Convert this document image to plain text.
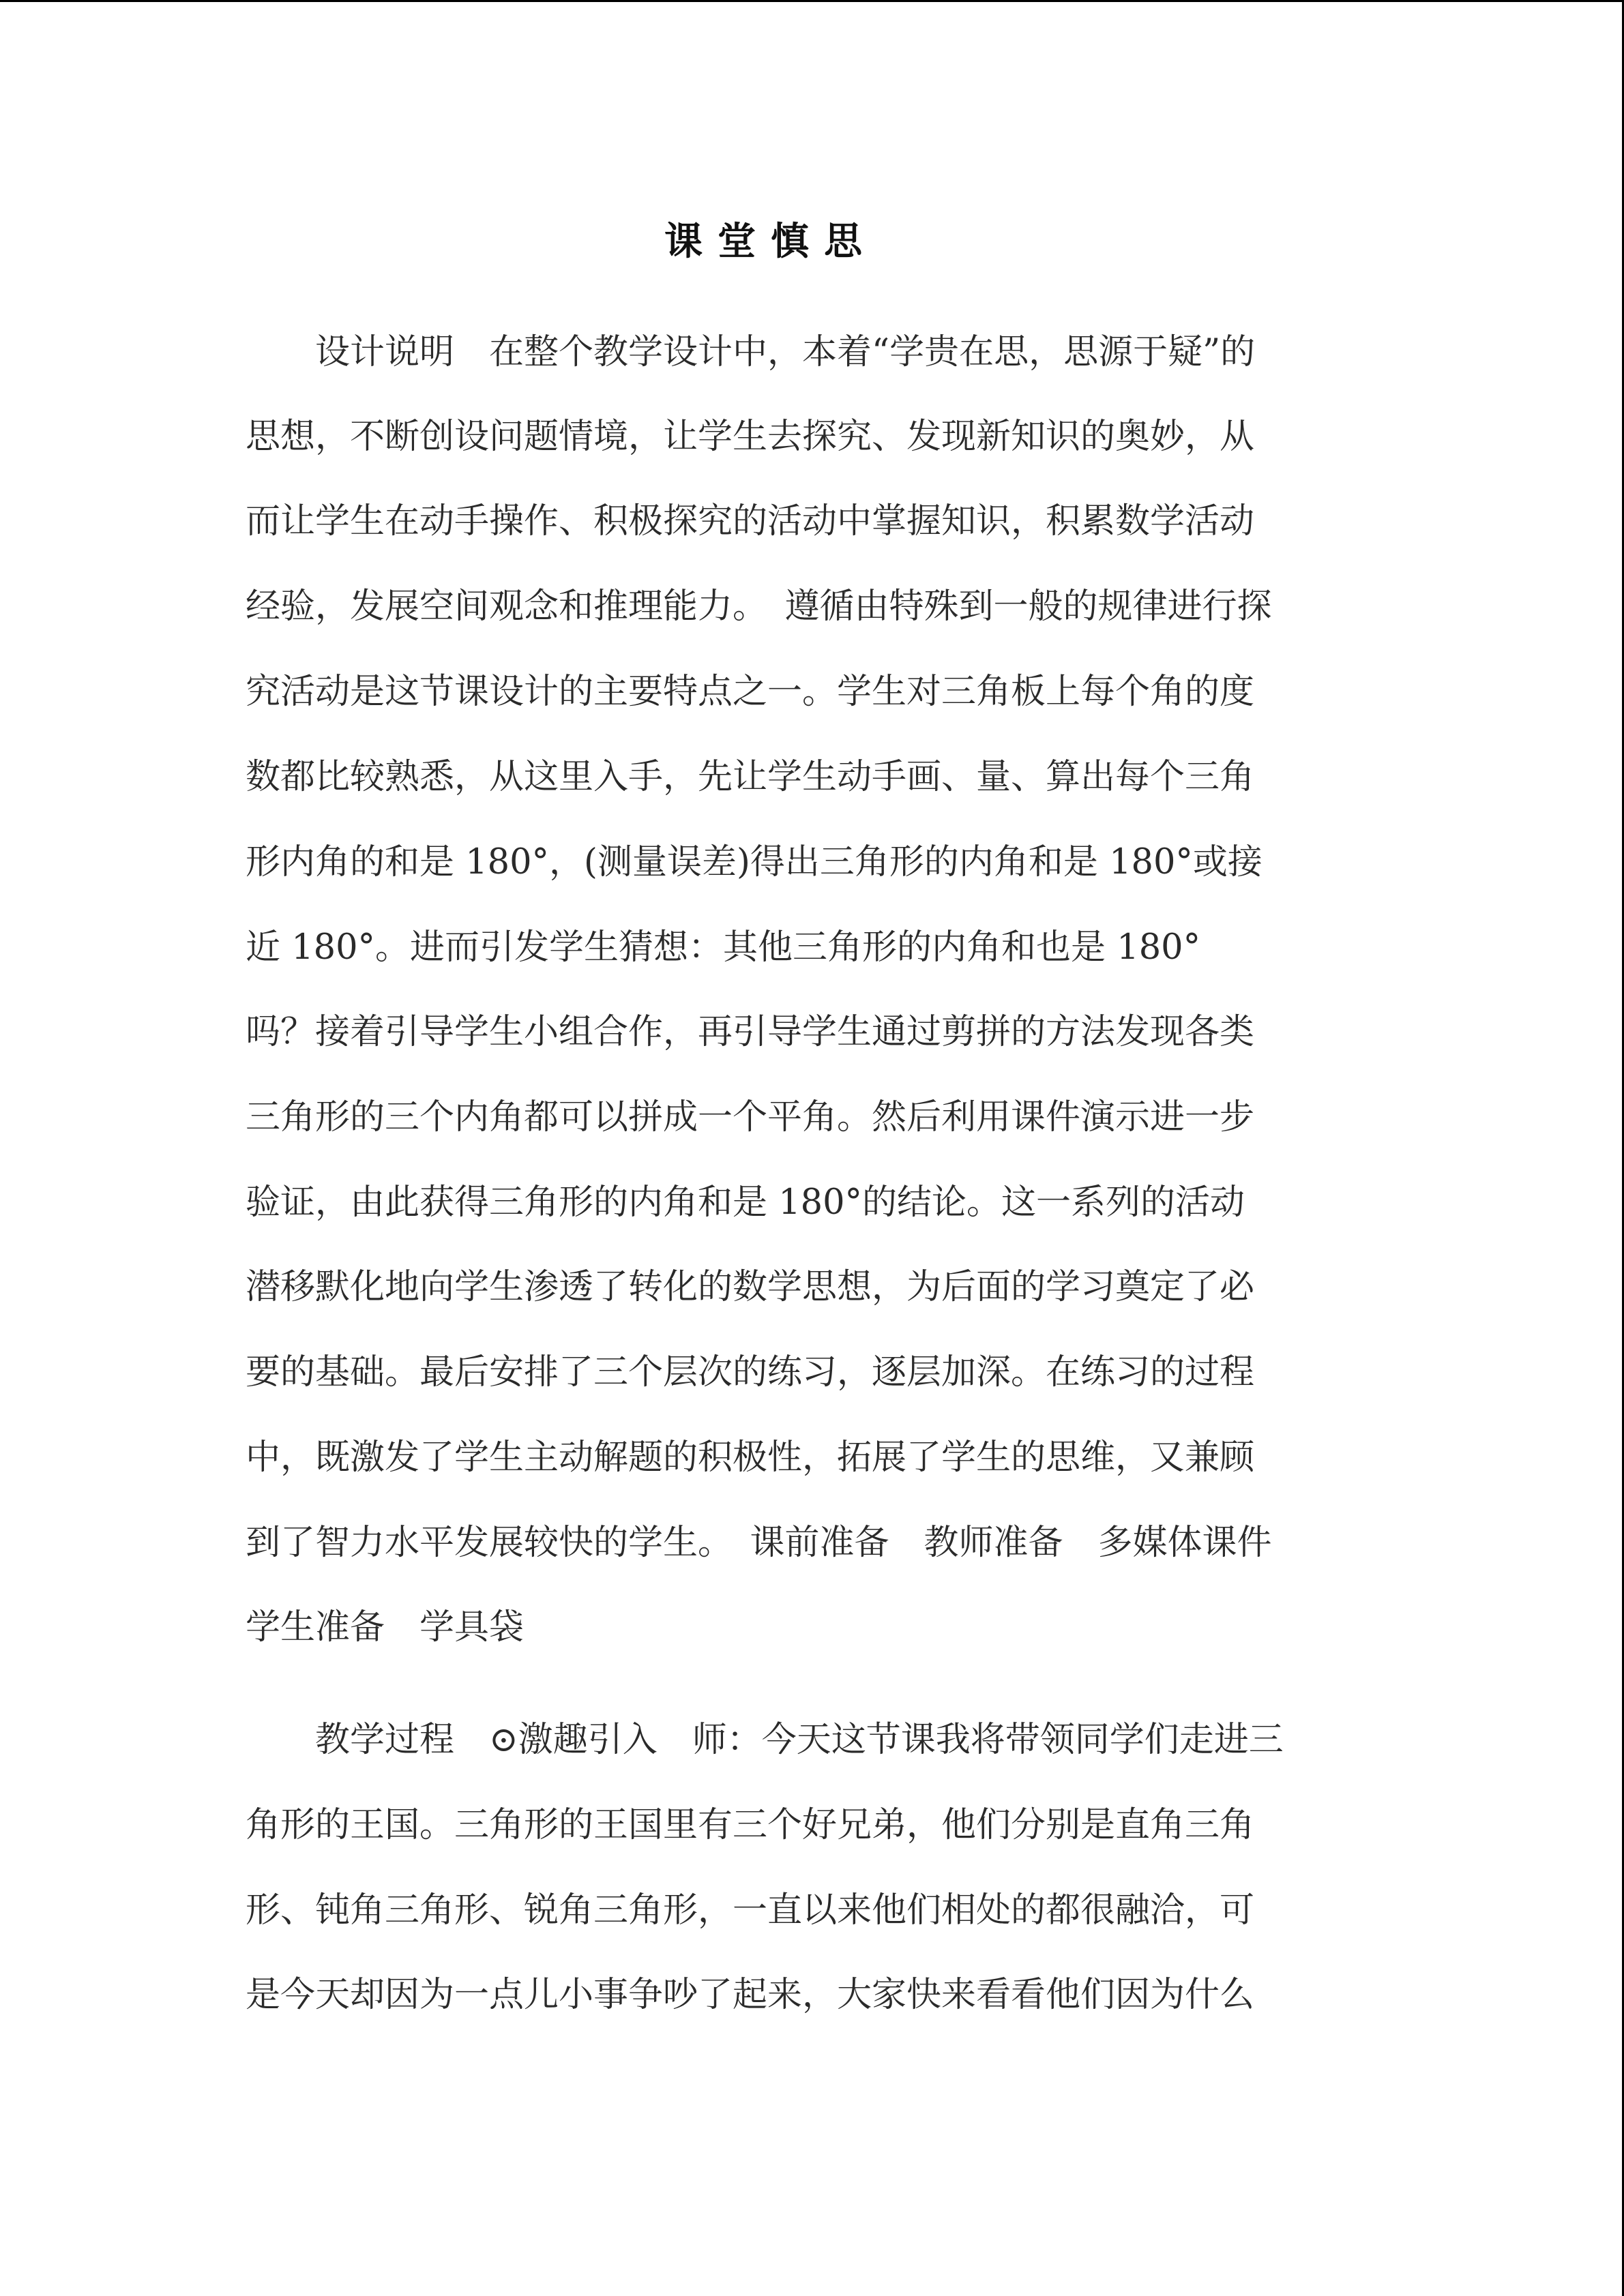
课堂慎思
　　设计说明　在整个教学设计中，本着“学贵在思，思源于疑”的
思想，不断创设问题情境，让学生去探究、发现新知识的奥妙，从
而让学生在动手操作、积极探究的活动中掌握知识，积累数学活动
经验，发展空间观念和推理能力。　遵循由特殊到一般的规律进行探
究活动是这节课设计的主要特点之一。学生对三角板上每个角的度
数都比较熟悉，从这里入手，先让学生动手画、量、算出每个三角
形内角的和是 180°，(测量误差)得出三角形的内角和是 180°或接
近 180°。进而引发学生猜想：其他三角形的内角和也是 180°
吗？接着引导学生小组合作，再引导学生通过剪拼的方法发现各类
三角形的三个内角都可以拼成一个平角。然后利用课件演示进一步
验证，由此获得三角形的内角和是 180°的结论。这一系列的活动
潜移默化地向学生渗透了转化的数学思想，为后面的学习奠定了必
要的基础。最后安排了三个层次的练习，逐层加深。在练习的过程
中，既激发了学生主动解题的积极性，拓展了学生的思维，又兼顾
到了智力水平发展较快的学生。　课前准备　教师准备　多媒体课件
学生准备　学具袋
　　教学过程　⊙激趣引入　师：今天这节课我将带领同学们走进三
角形的王国。三角形的王国里有三个好兄弟，他们分别是直角三角
形、钝角三角形、锐角三角形，一直以来他们相处的都很融洽，可
是今天却因为一点儿小事争吵了起来，大家快来看看他们因为什么
